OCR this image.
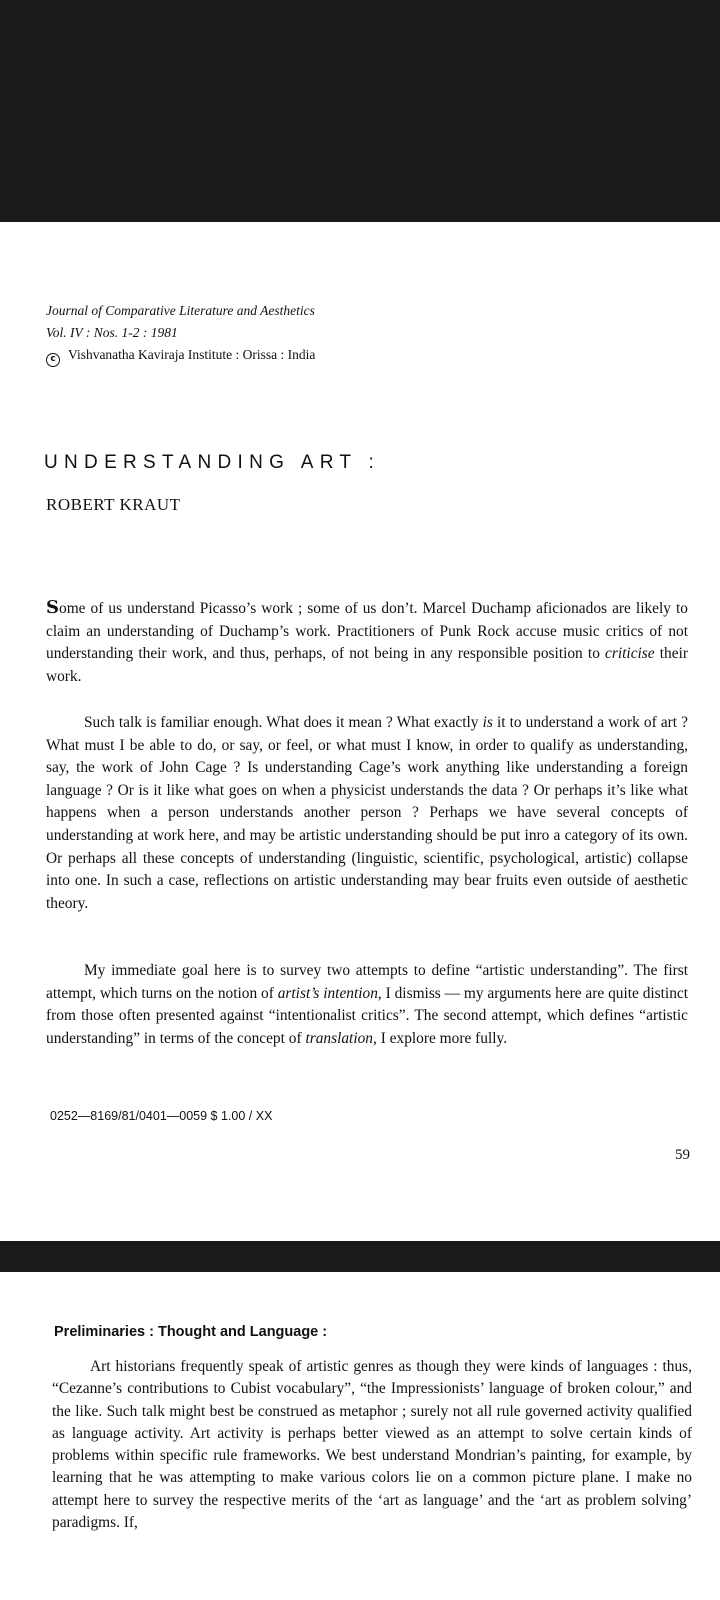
Journal of Comparative Literature and Aesthetics
Vol. IV : Nos. 1-2 : 1981
c Vishvanatha Kaviraja Institute : Orissa : India
UNDERSTANDING ART :
ROBERT KRAUT
Some of us understand Picasso’s work ; some of us don’t. Marcel Duchamp aficionados are likely to claim an understanding of Duchamp’s work. Practitioners of Punk Rock accuse music critics of not understanding their work, and thus, perhaps, of not being in any responsible position to criticise their work.
Such talk is familiar enough. What does it mean ? What exactly is it to understand a work of art ? What must I be able to do, or say, or feel, or what must I know, in order to qualify as understanding, say, the work of John Cage ? Is understanding Cage’s work anything like understanding a foreign language ? Or is it like what goes on when a physicist understands the data ? Or perhaps it’s like what happens when a person understands another person ? Perhaps we have several concepts of understanding at work here, and may be artistic understanding should be put inro a category of its own. Or perhaps all these concepts of understanding (linguistic, scientific, psychological, artistic) collapse into one. In such a case, reflections on artistic understanding may bear fruits even outside of aesthetic theory.
My immediate goal here is to survey two attempts to define “artistic understanding”. The first attempt, which turns on the notion of artist’s intention, I dismiss — my arguments here are quite distinct from those often presented against “intentionalist critics”. The second attempt, which defines “artistic understanding” in terms of the concept of translation, I explore more fully.
0252—8169/81/0401—0059 $ 1.00 / XX
59
Preliminaries : Thought and Language :
Art historians frequently speak of artistic genres as though they were kinds of languages : thus, “Cezanne’s contributions to Cubist vocabulary”, “the Impressionists’ language of broken colour,” and the like. Such talk might best be construed as metaphor ; surely not all rule governed activity qualified as language activity. Art activity is perhaps better viewed as an attempt to solve certain kinds of problems within specific rule frameworks. We best understand Mondrian’s painting, for example, by learning that he was attempting to make various colors lie on a common picture plane. I make no attempt here to survey the respective merits of the ‘art as language’ and the ‘art as problem solving’ paradigms. If,
